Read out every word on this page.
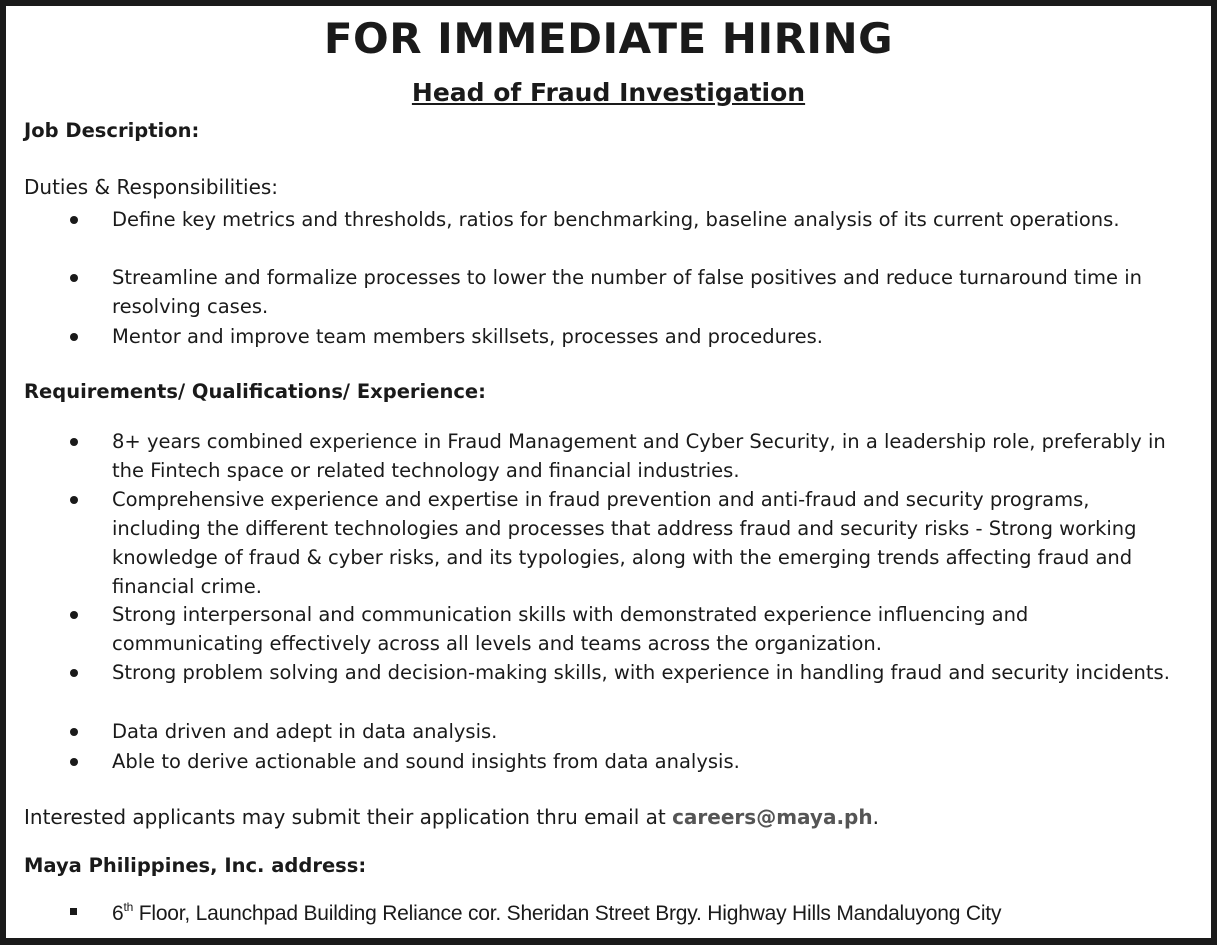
FOR IMMEDIATE HIRING
Head of Fraud Investigation
Job Description:
Duties & Responsibilities:
Define key metrics and thresholds, ratios for benchmarking, baseline analysis of its current operations.
Streamline and formalize processes to lower the number of false positives and reduce turnaround time in resolving cases.
Mentor and improve team members skillsets, processes and procedures.
Requirements/ Qualifications/ Experience:
8+ years combined experience in Fraud Management and Cyber Security, in a leadership role, preferably in the Fintech space or related technology and financial industries.
Comprehensive experience and expertise in fraud prevention and anti-fraud and security programs, including the different technologies and processes that address fraud and security risks - Strong working knowledge of fraud & cyber risks, and its typologies, along with the emerging trends affecting fraud and financial crime.
Strong interpersonal and communication skills with demonstrated experience influencing and communicating effectively across all levels and teams across the organization.
Strong problem solving and decision-making skills, with experience in handling fraud and security incidents.
Data driven and adept in data analysis.
Able to derive actionable and sound insights from data analysis.
Interested applicants may submit their application thru email at careers@maya.ph.
Maya Philippines, Inc. address:
6th Floor, Launchpad Building Reliance cor. Sheridan Street Brgy. Highway Hills Mandaluyong City
